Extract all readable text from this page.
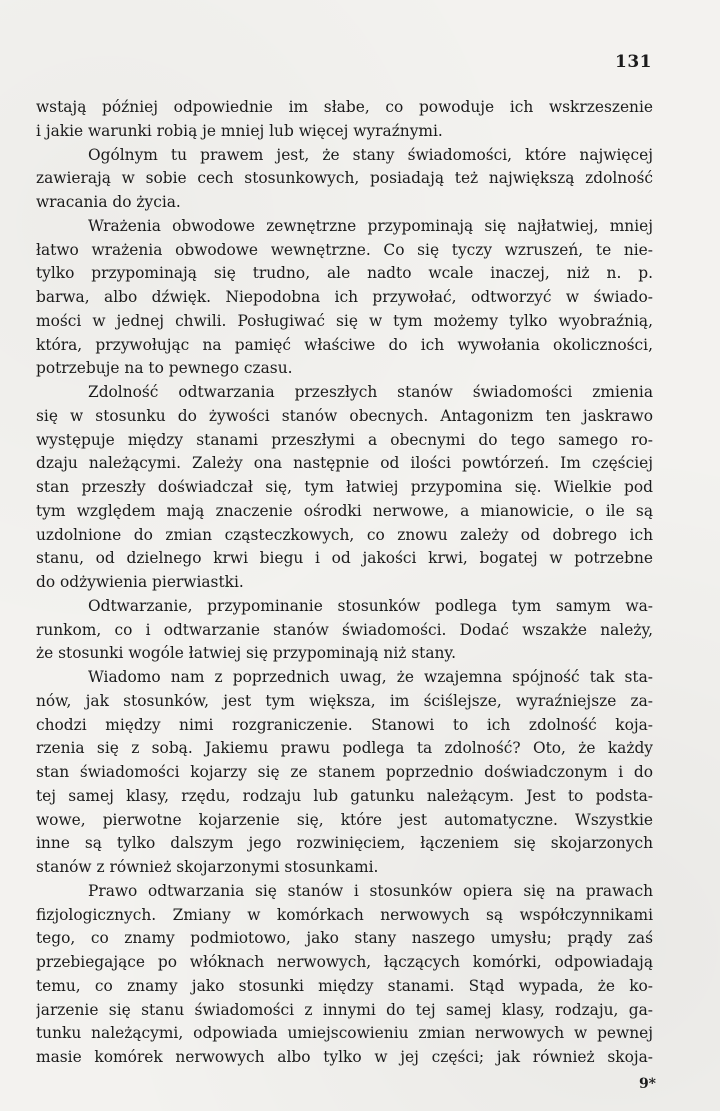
131
wstają później odpowiednie im słabe, co powoduje ich wskrzeszenie
i jakie warunki robią je mniej lub więcej wyraźnymi.
Ogólnym tu prawem jest, że stany świadomości, które najwięcej
zawierają w sobie cech stosunkowych, posiadają też największą zdolność
wracania do życia.
Wrażenia obwodowe zewnętrzne przypominają się najłatwiej, mniej
łatwo wrażenia obwodowe wewnętrzne. Co się tyczy wzruszeń, te nie-
tylko przypominają się trudno, ale nadto wcale inaczej, niż n. p.
barwa, albo dźwięk. Niepodobna ich przywołać, odtworzyć w świado-
mości w jednej chwili. Posługiwać się w tym możemy tylko wyobraźnią,
która, przywołując na pamięć właściwe do ich wywołania okoliczności,
potrzebuje na to pewnego czasu.
Zdolność odtwarzania przeszłych stanów świadomości zmienia
się w stosunku do żywości stanów obecnych. Antagonizm ten jaskrawo
występuje między stanami przeszłymi a obecnymi do tego samego ro-
dzaju należącymi. Zależy ona następnie od ilości powtórzeń. Im częściej
stan przeszły doświadczał się, tym łatwiej przypomina się. Wielkie pod
tym względem mają znaczenie ośrodki nerwowe, a mianowicie, o ile są
uzdolnione do zmian cząsteczkowych, co znowu zależy od dobrego ich
stanu, od dzielnego krwi biegu i od jakości krwi, bogatej w potrzebne
do odżywienia pierwiastki.
Odtwarzanie, przypominanie stosunków podlega tym samym wa-
runkom, co i odtwarzanie stanów świadomości. Dodać wszakże należy,
że stosunki wogóle łatwiej się przypominają niż stany.
Wiadomo nam z poprzednich uwag, że wzajemna spójność tak sta-
nów, jak stosunków, jest tym większa, im ściślejsze, wyraźniejsze za-
chodzi między nimi rozgraniczenie. Stanowi to ich zdolność koja-
rzenia się z sobą. Jakiemu prawu podlega ta zdolność? Oto, że każdy
stan świadomości kojarzy się ze stanem poprzednio doświadczonym i do
tej samej klasy, rzędu, rodzaju lub gatunku należącym. Jest to podsta-
wowe, pierwotne kojarzenie się, które jest automatyczne. Wszystkie
inne są tylko dalszym jego rozwinięciem, łączeniem się skojarzonych
stanów z również skojarzonymi stosunkami.
Prawo odtwarzania się stanów i stosunków opiera się na prawach
fizjologicznych. Zmiany w komórkach nerwowych są współczynnikami
tego, co znamy podmiotowo, jako stany naszego umysłu; prądy zaś
przebiegające po włóknach nerwowych, łączących komórki, odpowiadają
temu, co znamy jako stosunki między stanami. Stąd wypada, że ko-
jarzenie się stanu świadomości z innymi do tej samej klasy, rodzaju, ga-
tunku należącymi, odpowiada umiejscowieniu zmian nerwowych w pewnej
masie komórek nerwowych albo tylko w jej części; jak również skoja-
9*
